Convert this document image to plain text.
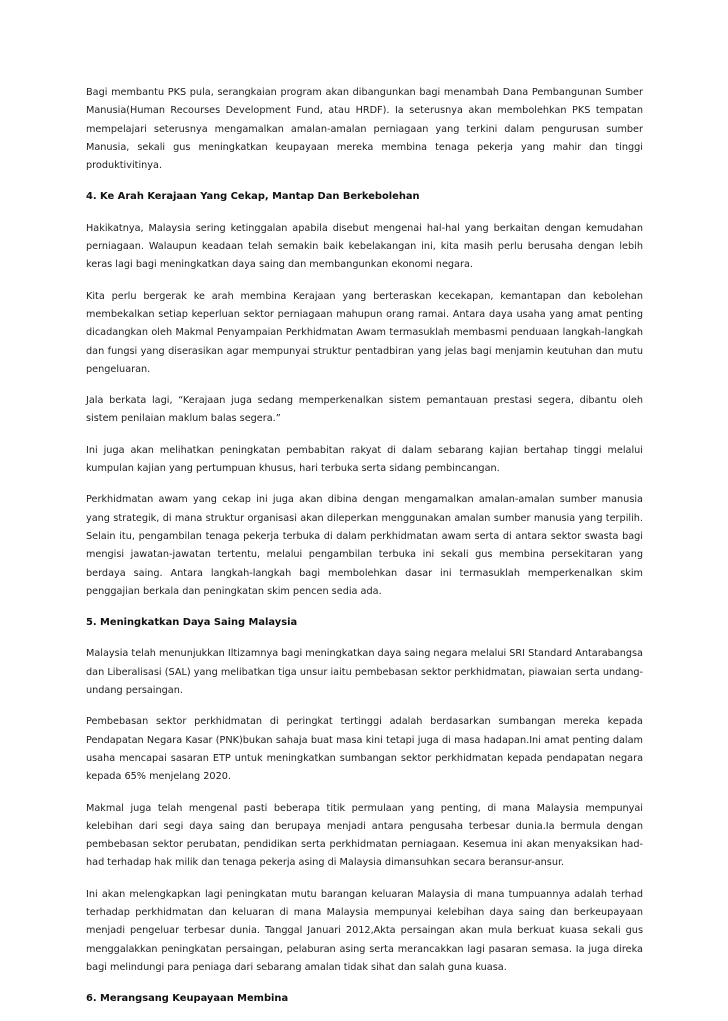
Bagi membantu PKS pula, serangkaian program akan dibangunkan bagi menambah Dana Pembangunan Sumber Manusia(Human Recourses Development Fund, atau HRDF). Ia seterusnya akan membolehkan PKS tempatan mempelajari seterusnya mengamalkan amalan-amalan perniagaan yang terkini dalam pengurusan sumber Manusia, sekali gus meningkatkan keupayaan mereka membina tenaga pekerja yang mahir dan tinggi produktivitinya.

4. Ke Arah Kerajaan Yang Cekap, Mantap Dan Berkebolehan

Hakikatnya, Malaysia sering ketinggalan apabila disebut mengenai hal-hal yang berkaitan dengan kemudahan perniagaan. Walaupun keadaan telah semakin baik kebelakangan ini, kita masih perlu berusaha dengan lebih keras lagi bagi meningkatkan daya saing dan membangunkan ekonomi negara.

Kita perlu bergerak ke arah membina Kerajaan yang berteraskan kecekapan, kemantapan dan kebolehan membekalkan setiap keperluan sektor perniagaan mahupun orang ramai. Antara daya usaha yang amat penting dicadangkan oleh Makmal Penyampaian Perkhidmatan Awam termasuklah membasmi penduaan langkah-langkah dan fungsi yang diserasikan agar mempunyai struktur pentadbiran yang jelas bagi menjamin keutuhan dan mutu pengeluaran.

Jala berkata lagi, “Kerajaan juga sedang memperkenalkan sistem pemantauan prestasi segera, dibantu oleh sistem penilaian maklum balas segera.”

Ini juga akan melihatkan peningkatan pembabitan rakyat di dalam sebarang kajian bertahap tinggi melalui kumpulan kajian yang pertumpuan khusus, hari terbuka serta sidang pembincangan.

Perkhidmatan awam yang cekap ini juga akan dibina dengan mengamalkan amalan-amalan sumber manusia yang strategik, di mana struktur organisasi akan dileperkan menggunakan amalan sumber manusia yang terpilih. Selain itu, pengambilan tenaga pekerja terbuka di dalam perkhidmatan awam serta di antara sektor swasta bagi mengisi jawatan-jawatan tertentu, melalui pengambilan terbuka ini sekali gus membina persekitaran yang berdaya saing. Antara langkah-langkah bagi membolehkan dasar ini termasuklah memperkenalkan skim penggajian berkala dan peningkatan skim pencen sedia ada.

5. Meningkatkan Daya Saing Malaysia

Malaysia telah menunjukkan Iltizamnya bagi meningkatkan daya saing negara melalui SRI Standard Antarabangsa dan Liberalisasi (SAL) yang melibatkan tiga unsur iaitu pembebasan sektor perkhidmatan, piawaian serta undang-undang persaingan.

Pembebasan sektor perkhidmatan di peringkat tertinggi adalah berdasarkan sumbangan mereka kepada Pendapatan Negara Kasar (PNK)bukan sahaja buat masa kini tetapi juga di masa hadapan.Ini amat penting dalam usaha mencapai sasaran ETP untuk meningkatkan sumbangan sektor perkhidmatan kepada pendapatan negara kepada 65% menjelang 2020.

Makmal juga telah mengenal pasti beberapa titik permulaan yang penting, di mana Malaysia mempunyai kelebihan dari segi daya saing dan berupaya menjadi antara pengusaha terbesar dunia.Ia bermula dengan pembebasan sektor perubatan, pendidikan serta perkhidmatan perniagaan. Kesemua ini akan menyaksikan had-had terhadap hak milik dan tenaga pekerja asing di Malaysia dimansuhkan secara beransur-ansur.

Ini akan melengkapkan lagi peningkatan mutu barangan keluaran Malaysia di mana tumpuannya adalah terhad terhadap perkhidmatan dan keluaran di mana Malaysia mempunyai kelebihan daya saing dan berkeupayaan menjadi pengeluar terbesar dunia. Tanggal Januari 2012,Akta persaingan akan mula berkuat kuasa sekali gus menggalakkan peningkatan persaingan, pelaburan asing serta merancakkan lagi pasaran semasa. Ia juga direka bagi melindungi para peniaga dari sebarang amalan tidak sihat dan salah guna kuasa.

6. Merangsang Keupayaan Membina
